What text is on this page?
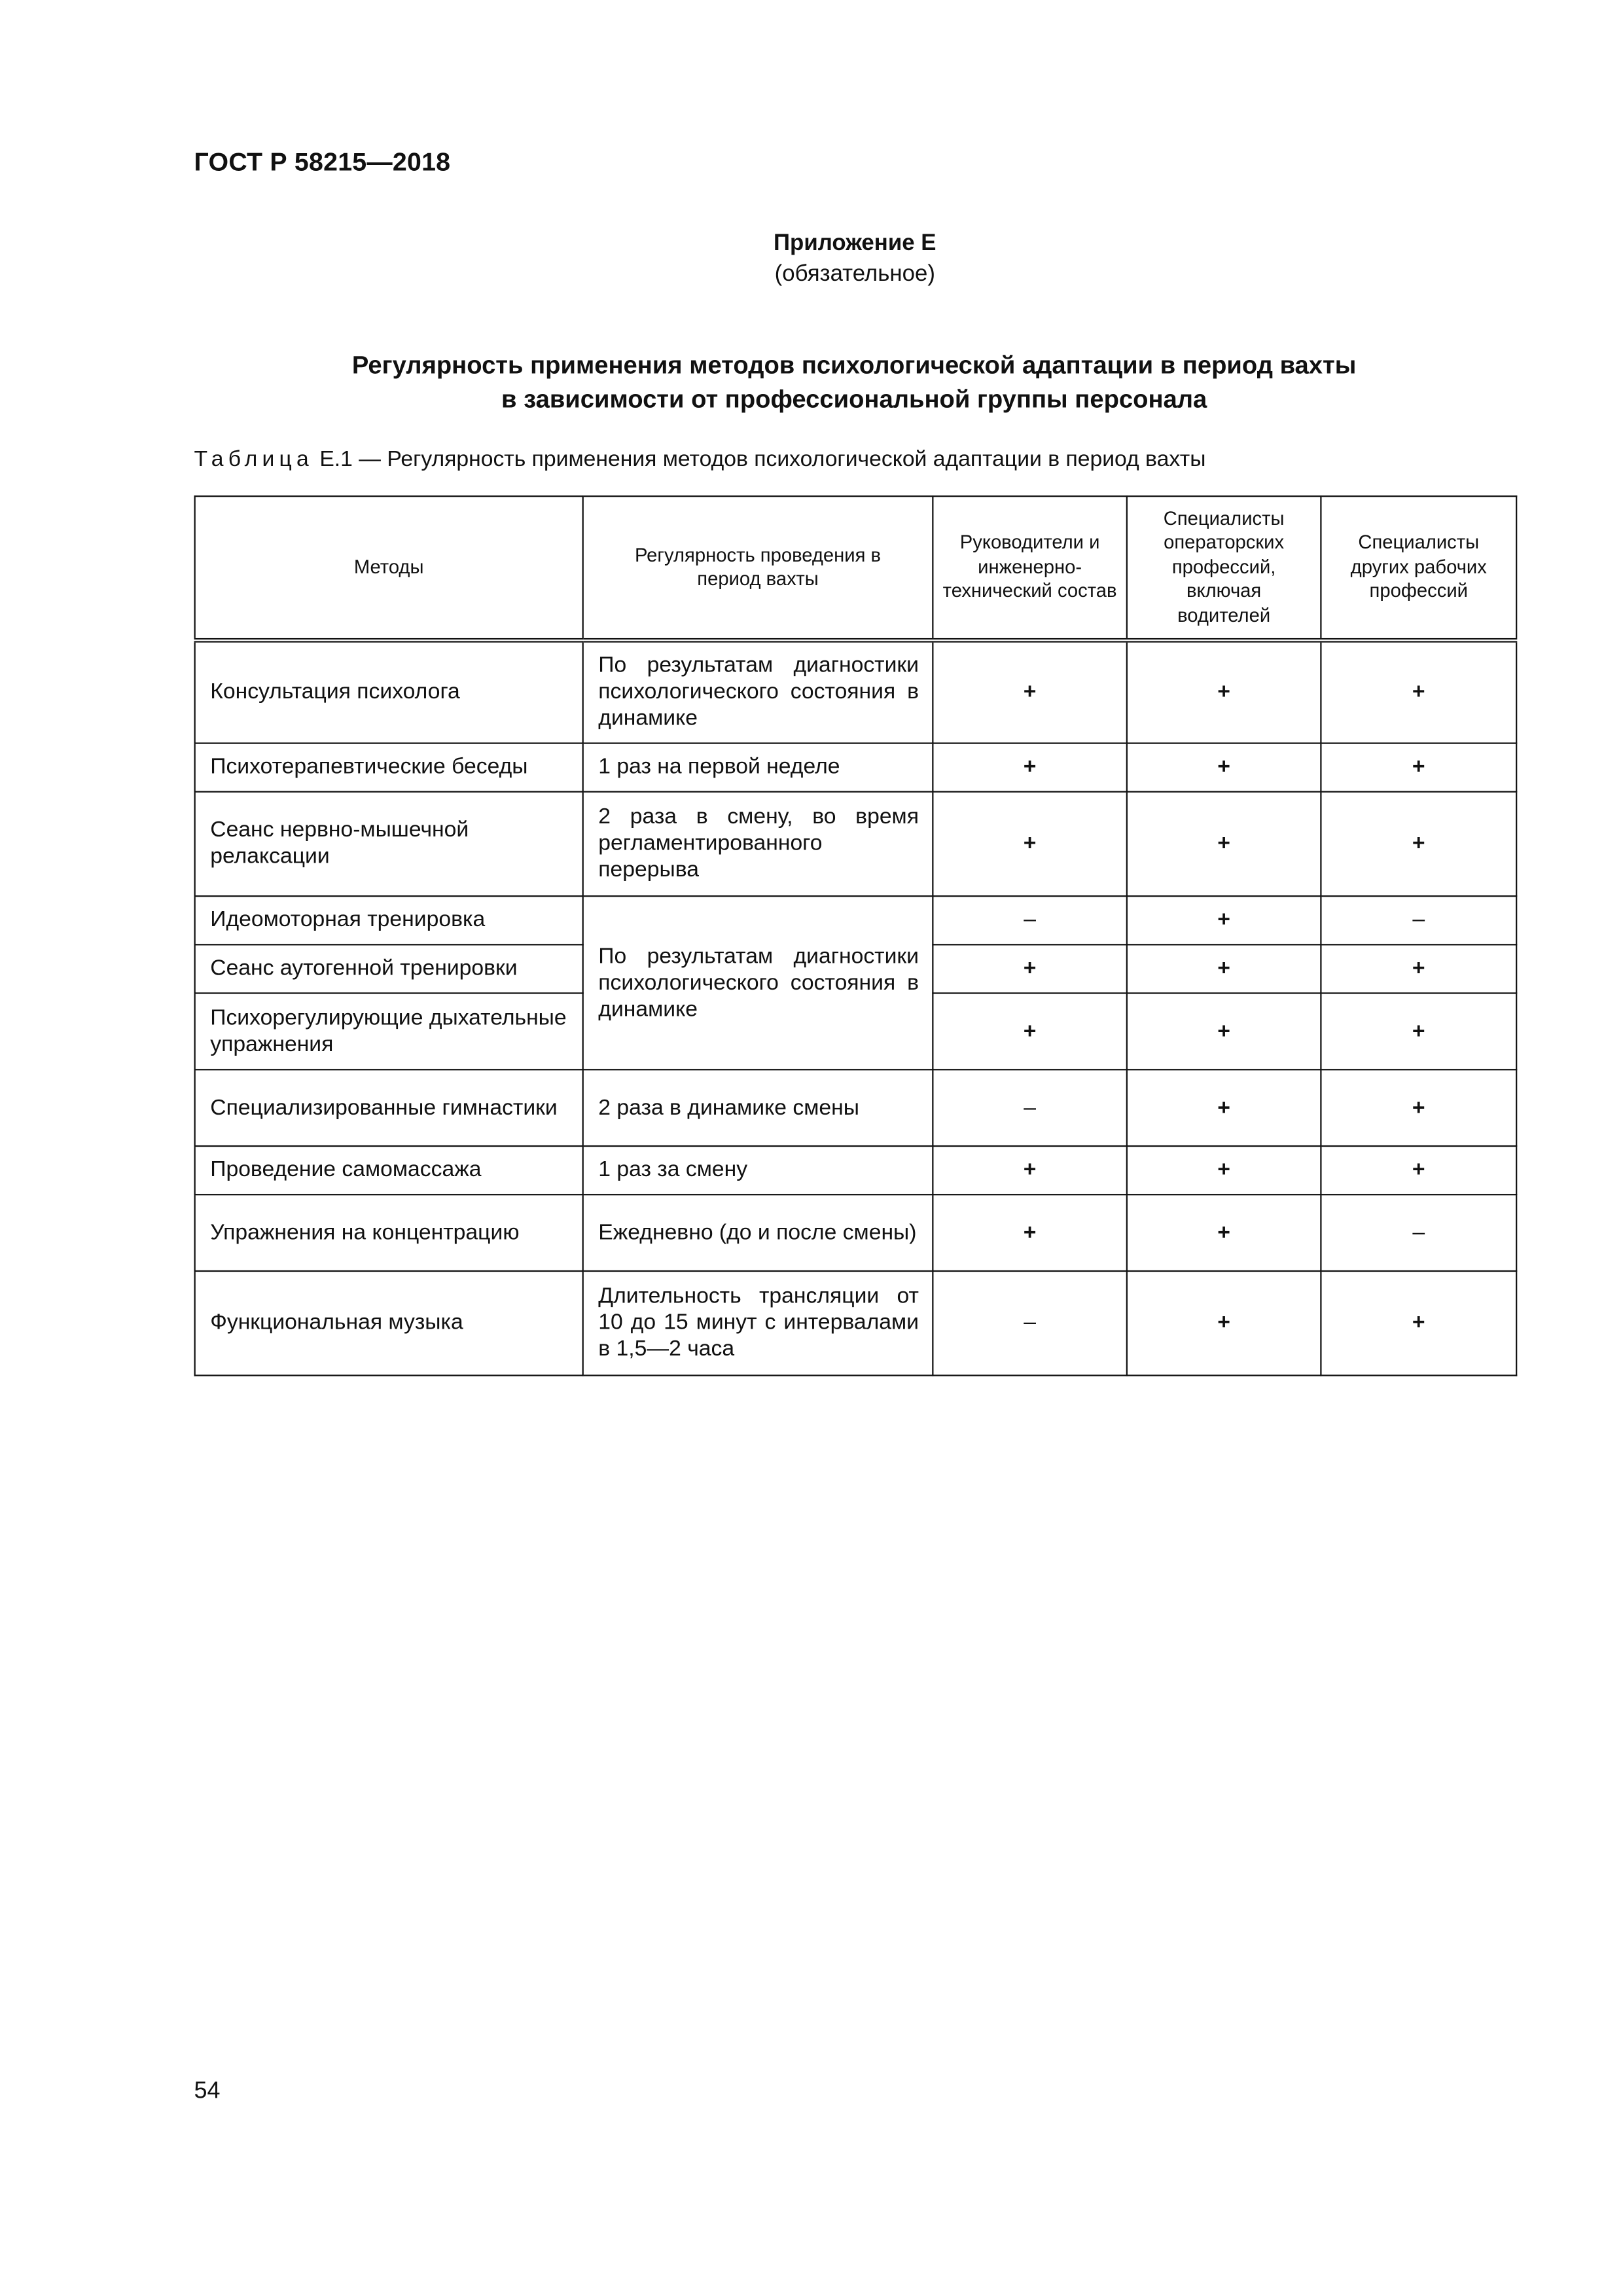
ГОСТ Р 58215—2018
Приложение Е
(обязательное)
Регулярность применения методов психологической адаптации в период вахты
в зависимости от профессиональной группы персонала
Таблица Е.1 — Регулярность применения методов психологической адаптации в период вахты
Методы	Регулярность проведения в период вахты	Руководители и инженерно-технический состав	Специалисты операторских профессий, включая водителей	Специалисты других рабочих профессий
Консультация психолога	По результатам диагностики психологического состояния в динамике	+	+	+
Психотерапевтические беседы	1 раз на первой неделе	+	+	+
Сеанс нервно-мышечной релаксации	2 раза в смену, во время регламентированного перерыва	+	+	+
Идеомоторная тренировка	По результатам диагностики психологического состояния в динамике	–	+	–
Сеанс аутогенной тренировки		+	+	+
Психорегулирующие дыхательные упражнения		+	+	+
Специализированные гимнастики	2 раза в динамике смены	–	+	+
Проведение самомассажа	1 раз за смену	+	+	+
Упражнения на концентрацию	Ежедневно (до и после смены)	+	+	–
Функциональная музыка	Длительность трансляции от 10 до 15 минут с интервалами в 1,5—2 часа	–	+	+
54
